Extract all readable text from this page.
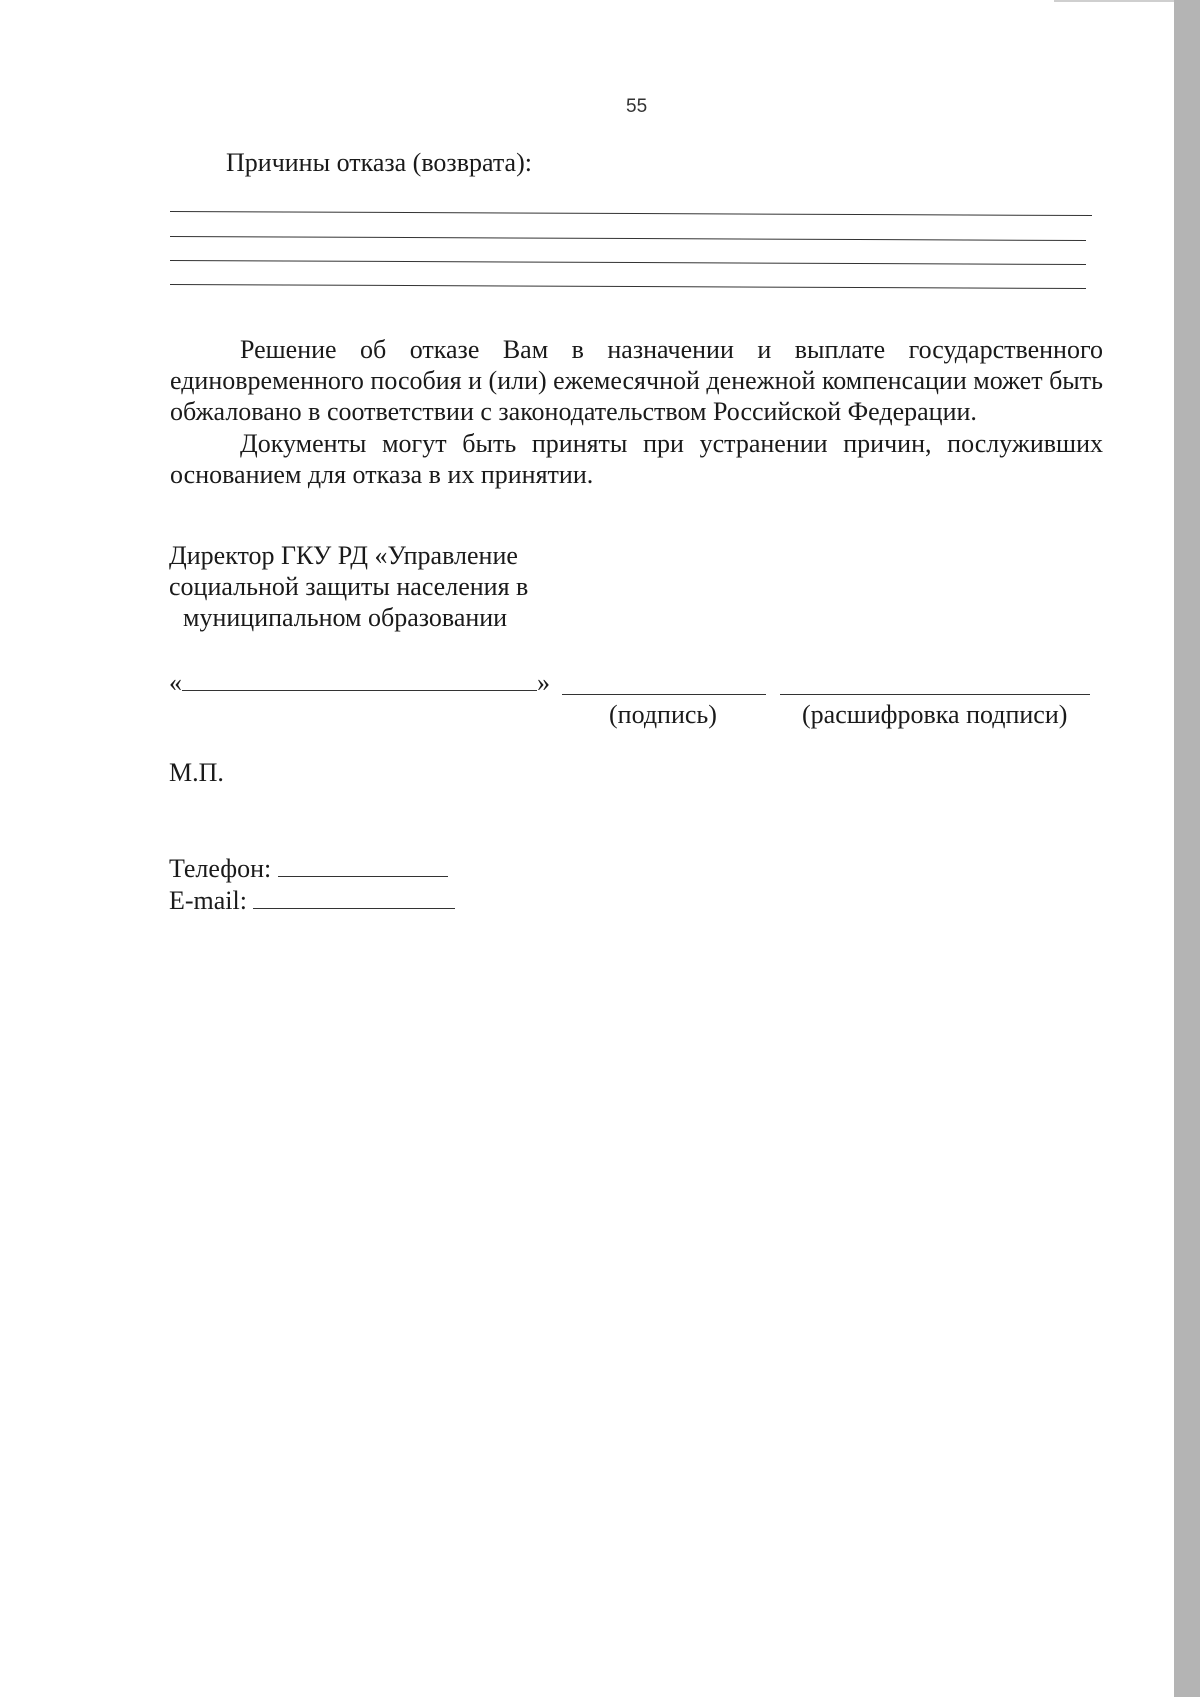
55
Причины отказа (возврата):
Решение об отказе Вам в назначении и выплате государственного единовременного пособия и (или) ежемесячной денежной компенсации может быть обжаловано в соответствии с законодательством Российской Федерации.
Документы могут быть приняты при устранении причин, послуживших основанием для отказа в их принятии.
Директор ГКУ РД «Управление
социальной защиты населения в
муниципальном образовании
«	»
(подпись)	(расшифровка подписи)
М.П.
Телефон:
E-mail:
